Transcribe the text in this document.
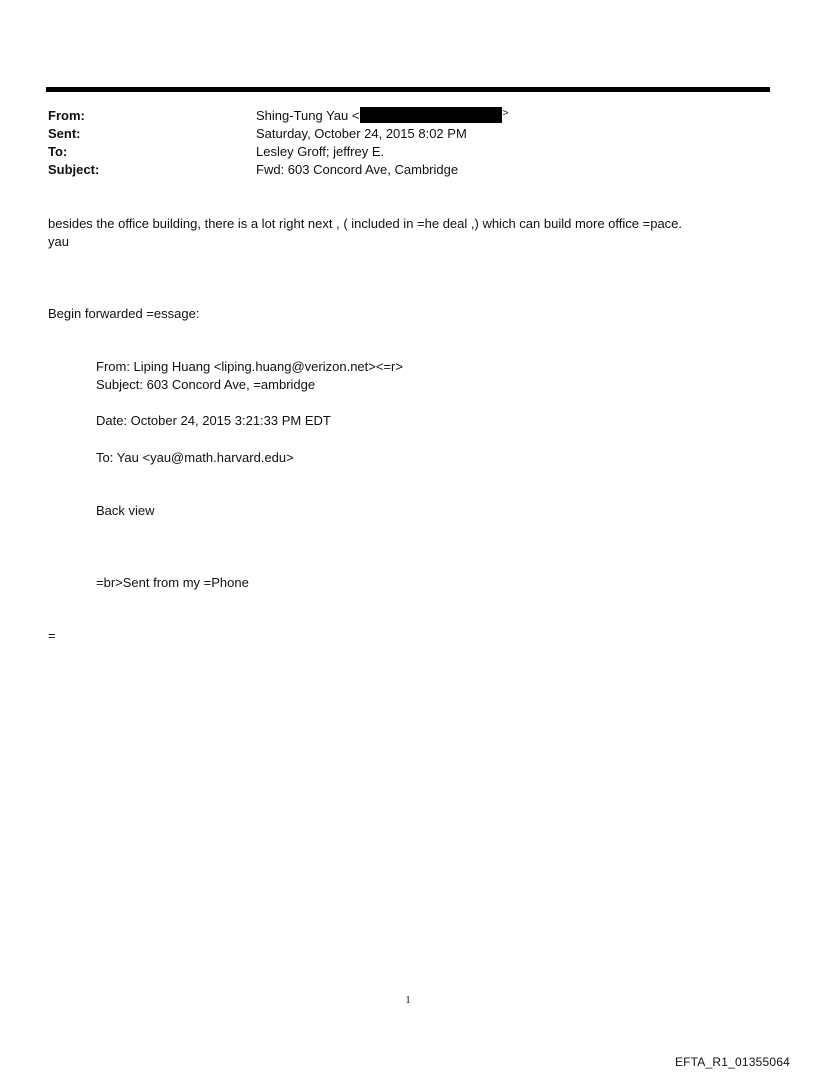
From:	Shing-Tung Yau <	>
Sent:	Saturday, October 24, 2015 8:02 PM
To:	Lesley Groff; jeffrey E.
Subject:	Fwd: 603 Concord Ave, Cambridge
besides the office building, there is a lot right next , ( included in =he deal ,) which can build more office =pace.
yau
Begin forwarded =essage:
From: Liping Huang <liping.huang@verizon.net><=r>
Subject: 603 Concord Ave, =ambridge
Date: October 24, 2015 3:21:33 PM EDT
To: Yau <yau@math.harvard.edu>
Back view
=br>Sent from my =Phone
=
1
EFTA_R1_01355064
